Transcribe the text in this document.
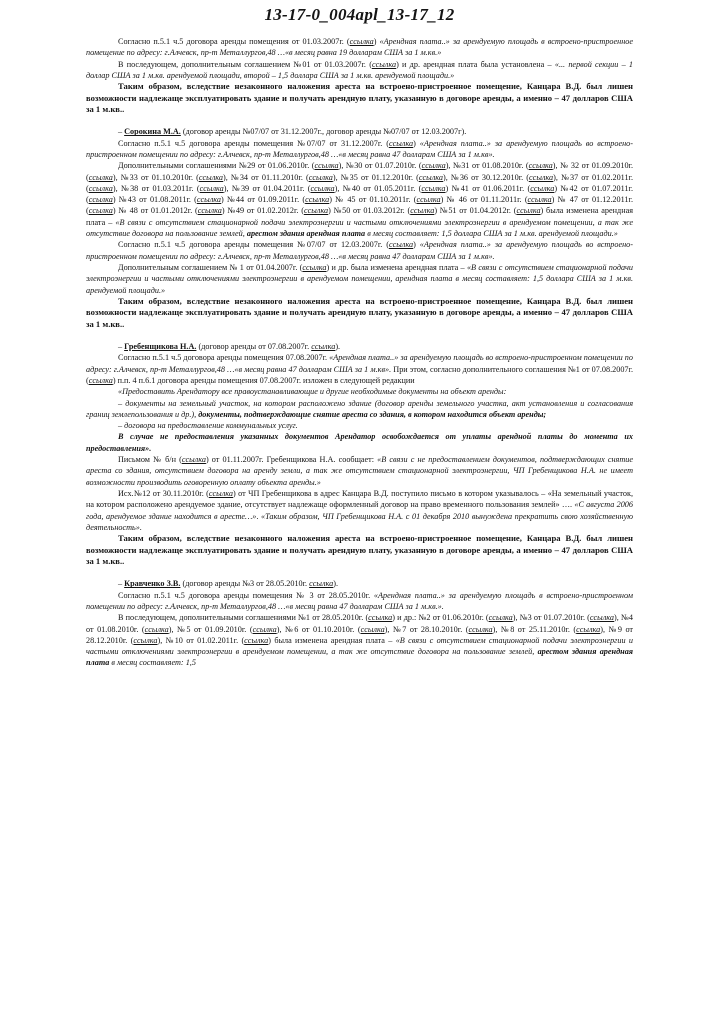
13-17-0_004apl_13-17_12

Согласно п.5.1 ч.5 договора аренды помещения от 01.03.2007г. (ссылка) «Арендная плата..» за арендуемую площадь в встроено-пристроенное помещение по адресу: г.Алчевск, пр-т Металлургов,48 …«в месяц равна 19 долларам США за 1 м.кв.»

В последующем, дополнительным соглашением №01 от 01.03.2007г. (ссылка) и др. арендная плата была установлена – «... первой секции – 1 доллар США за 1 м.кв. арендуемой площади, второй – 1,5 доллара США за 1 м.кв. арендуемой площади.»

Таким образом, вследствие незаконного наложения ареста на встроено-пристроенное помещение, Канцара В.Д. был лишен возможности надлежаще эксплуатировать здание и получать арендную плату, указанную в договоре аренды, а именно – 47 долларов США за 1 м.кв..

– Сорокина М.А. (договор аренды №07/07 от 31.12.2007г., договор аренды №07/07 от 12.03.2007г).

Согласно п.5.1 ч.5 договора аренды помещения №07/07 от 31.12.2007г. (ссылка) «Арендная плата..» за арендуемую площадь во встроено-пристроенном помещении по адресу: г.Алчевск, пр-т Металлургов,48 …«в месяц равна 47 долларам США за 1 м.кв».

Дополнительными соглашениями №29 от 01.06.2010г. (ссылка), №30 от 01.07.2010г. (ссылка), №31 от 01.08.2010г. (ссылка), № 32 от 01.09.2010г. (ссылка), №33 от 01.10.2010г. (ссылка), №34 от 01.11.2010г. (ссылка), №35 от 01.12.2010г. (ссылка), №36 от 30.12.2010г. (ссылка), №37 от 01.02.2011г. (ссылка), №38 от 01.03.2011г. (ссылка), №39 от 01.04.2011г. (ссылка), №40 от 01.05.2011г. (ссылка) №41 от 01.06.2011г. (ссылка) №42 от 01.07.2011г. (ссылка) №43 от 01.08.2011г. (ссылка) №44 от 01.09.2011г. (ссылка) № 45 от 01.10.2011г. (ссылка) № 46 от 01.11.2011г. (ссылка) № 47 от 01.12.2011г. (ссылка) № 48 от 01.01.2012г. (ссылка) №49 от 01.02.2012г. (ссылка) №50 от 01.03.2012г. (ссылка) №51 от 01.04.2012г. (ссылка) была изменена арендная плата – «В связи с отсутствием стационарной подачи электроэнергии и частыми отключениями электроэнергии в арендуемом помещении, а так же отсутствие договора на пользование землей, арестом здания арендная плата в месяц составляет: 1,5 доллара США за 1 м.кв. арендуемой площади.»

Согласно п.5.1 ч.5 договора аренды помещения №07/07 от 12.03.2007г. (ссылка) «Арендная плата..» за арендуемую площадь во встроено-пристроенном помещении по адресу: г.Алчевск, пр-т Металлургов,48 …«в месяц равна 47 долларам США за 1 м.кв».

Дополнительным соглашением № 1 от 01.04.2007г. (ссылка) и др. была изменена арендная плата – «В связи с отсутствием стационарной подачи электроэнергии и частыми отключениями электроэнергии в арендуемом помещении, арендная плата в месяц составляет: 1,5 доллара США за 1 м.кв. арендуемой площади.»

Таким образом, вследствие незаконного наложения ареста на встроено-пристроенное помещение, Канцара В.Д. был лишен возможности надлежаще эксплуатировать здание и получать арендную плату, указанную в договоре аренды, а именно – 47 долларов США за 1 м.кв..

– Гребенщикова Н.А. (договор аренды от 07.08.2007г. ссылка).

Согласно п.5.1 ч.5 договора аренды помещения 07.08.2007г. «Арендная плата..» за арендуемую площадь во встроено-пристроенном помещении по адресу: г.Алчевск, пр-т Металлургов,48 …«в месяц равна 47 долларам США за 1 м.кв». При этом, согласно дополнительного соглашения №1 от 07.08.2007г. (ссылка) п.п. 4 п.6.1 договора аренды помещения 07.08.2007г. изложен в следующей редакции

«Предоставить Арендатору все правоустанавливающие и другие необходимые документы на объект аренды:

– документы на земельный участок, на котором расположено здание (договор аренды земельного участка, акт установления и согласования границ землепользования и др.), документы, подтверждающие снятие ареста со здания, в котором находится объект аренды;

– договора на предоставление коммунальных услуг.

В случае не предоставления указанных документов Арендатор освобождается от уплаты арендной платы до момента их предоставления».

Письмом № б/н (ссылка) от 01.11.2007г. Гребенщикова Н.А. сообщает: «В связи с не предоставлением документов, подтверждающих снятие ареста со здания, отсутствием договора на аренду земли, а так же отсутствием стационарной электроэнергии, ЧП Гребенщикова Н.А. не имеет возможности производить оговоренную оплату объекта аренды.»

Исх.№12 от 30.11.2010г. (ссылка) от ЧП Гребенщикова в адрес Канцара В.Д. поступило письмо в котором указывалось – «На земельный участок, на котором расположено арендуемое здание, отсутствует надлежаще оформленный договор на право временного пользования землей» …. «С августа 2006 года, арендуемое здание находится в аресте…». «Таким образом, ЧП Гребенщикова Н.А. с 01 декабря 2010 вынуждена прекратить свою хозяйственную деятельность».

Таким образом, вследствие незаконного наложения ареста на встроено-пристроенное помещение, Канцара В.Д. был лишен возможности надлежаще эксплуатировать здание и получать арендную плату, указанную в договоре аренды, а именно – 47 долларов США за 1 м.кв..

– Кравченко З.В. (договор аренды №3 от 28.05.2010г. ссылка).

Согласно п.5.1 ч.5 договора аренды помещения № 3 от 28.05.2010г. «Арендная плата..» за арендуемую площадь в встроено-пристроенном помещении по адресу: г.Алчевск, пр-т Металлургов,48 …«в месяц равна 47 долларам США за 1 м.кв.».

В последующем, дополнительными соглашениями №1 от 28.05.2010г. (ссылка) и др.: №2 от 01.06.2010г. (ссылка), №3 от 01.07.2010г. (ссылка), №4 от 01.08.2010г. (ссылка), №5 от 01.09.2010г. (ссылка), №6 от 01.10.2010г. (ссылка), №7 от 28.10.2010г. (ссылка), №8 от 25.11.2010г. (ссылка), №9 от 28.12.2010г. (ссылка), №10 от 01.02.2011г. (ссылка) была изменена арендная плата – «В связи с отсутствием стационарной подачи электроэнергии и частыми отключениями электроэнергии в арендуемом помещении, а так же отсутствие договора на пользование землей, арестом здания арендная плата в месяц составляет: 1,5
